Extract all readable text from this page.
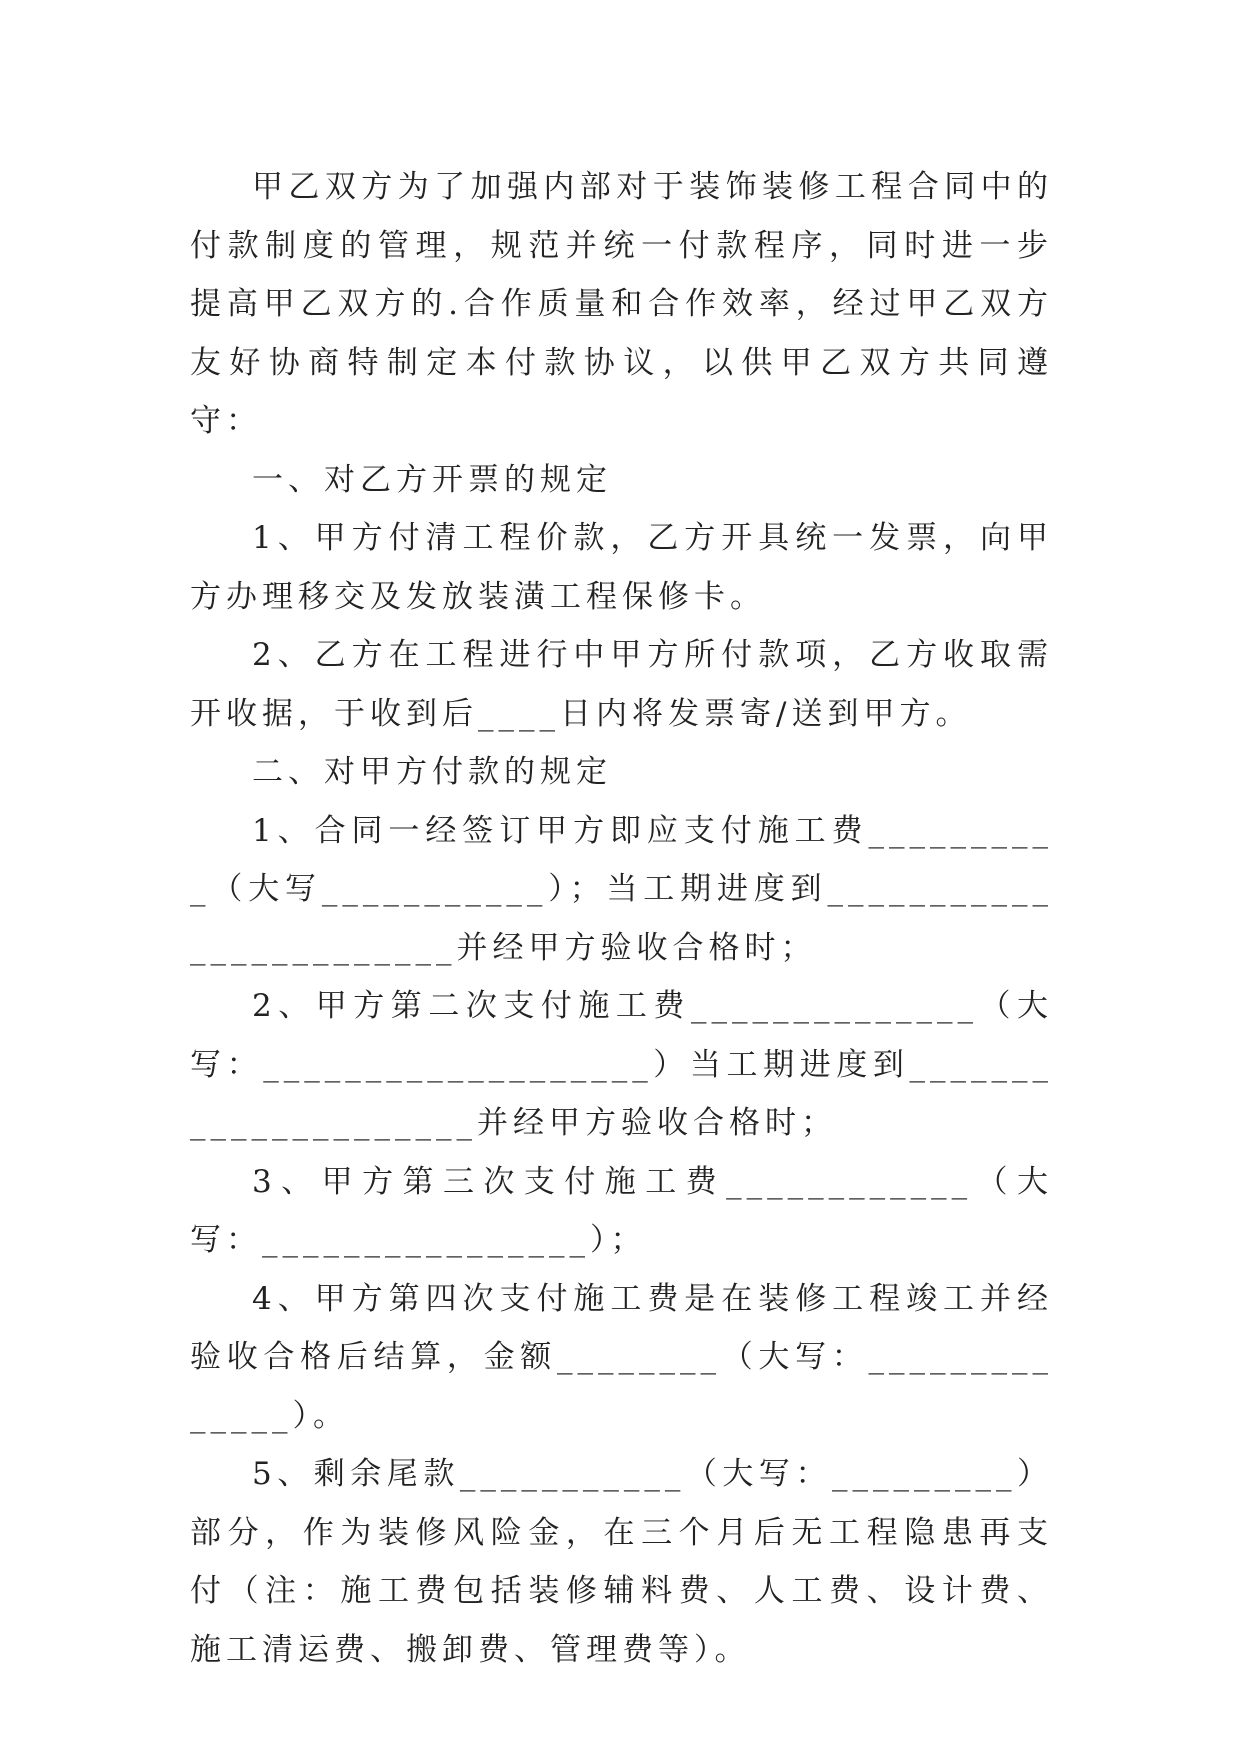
甲乙双方为了加强内部对于装饰装修工程合同中的付款制度的管理，规范并统一付款程序，同时进一步提高甲乙双方的.合作质量和合作效率，经过甲乙双方友好协商特制定本付款协议，以供甲乙双方共同遵守：

一、对乙方开票的规定

1、甲方付清工程价款，乙方开具统一发票，向甲方办理移交及发放装潢工程保修卡。

2、乙方在工程进行中甲方所付款项，乙方收取需开收据，于收到后____日内将发票寄/送到甲方。

二、对甲方付款的规定

1、合同一经签订甲方即应支付施工费__________（大写___________）；当工期进度到________________________并经甲方验收合格时；

2、甲方第二次支付施工费______________（大写：___________________）当工期进度到_____________________并经甲方验收合格时；

3、甲方第三次支付施工费____________（大写：________________）；

4、甲方第四次支付施工费是在装修工程竣工并经验收合格后结算，金额________（大写：______________）。

5、剩余尾款___________（大写：_________）部分，作为装修风险金，在三个月后无工程隐患再支付（注：施工费包括装修辅料费、人工费、设计费、施工清运费、搬卸费、管理费等）。
